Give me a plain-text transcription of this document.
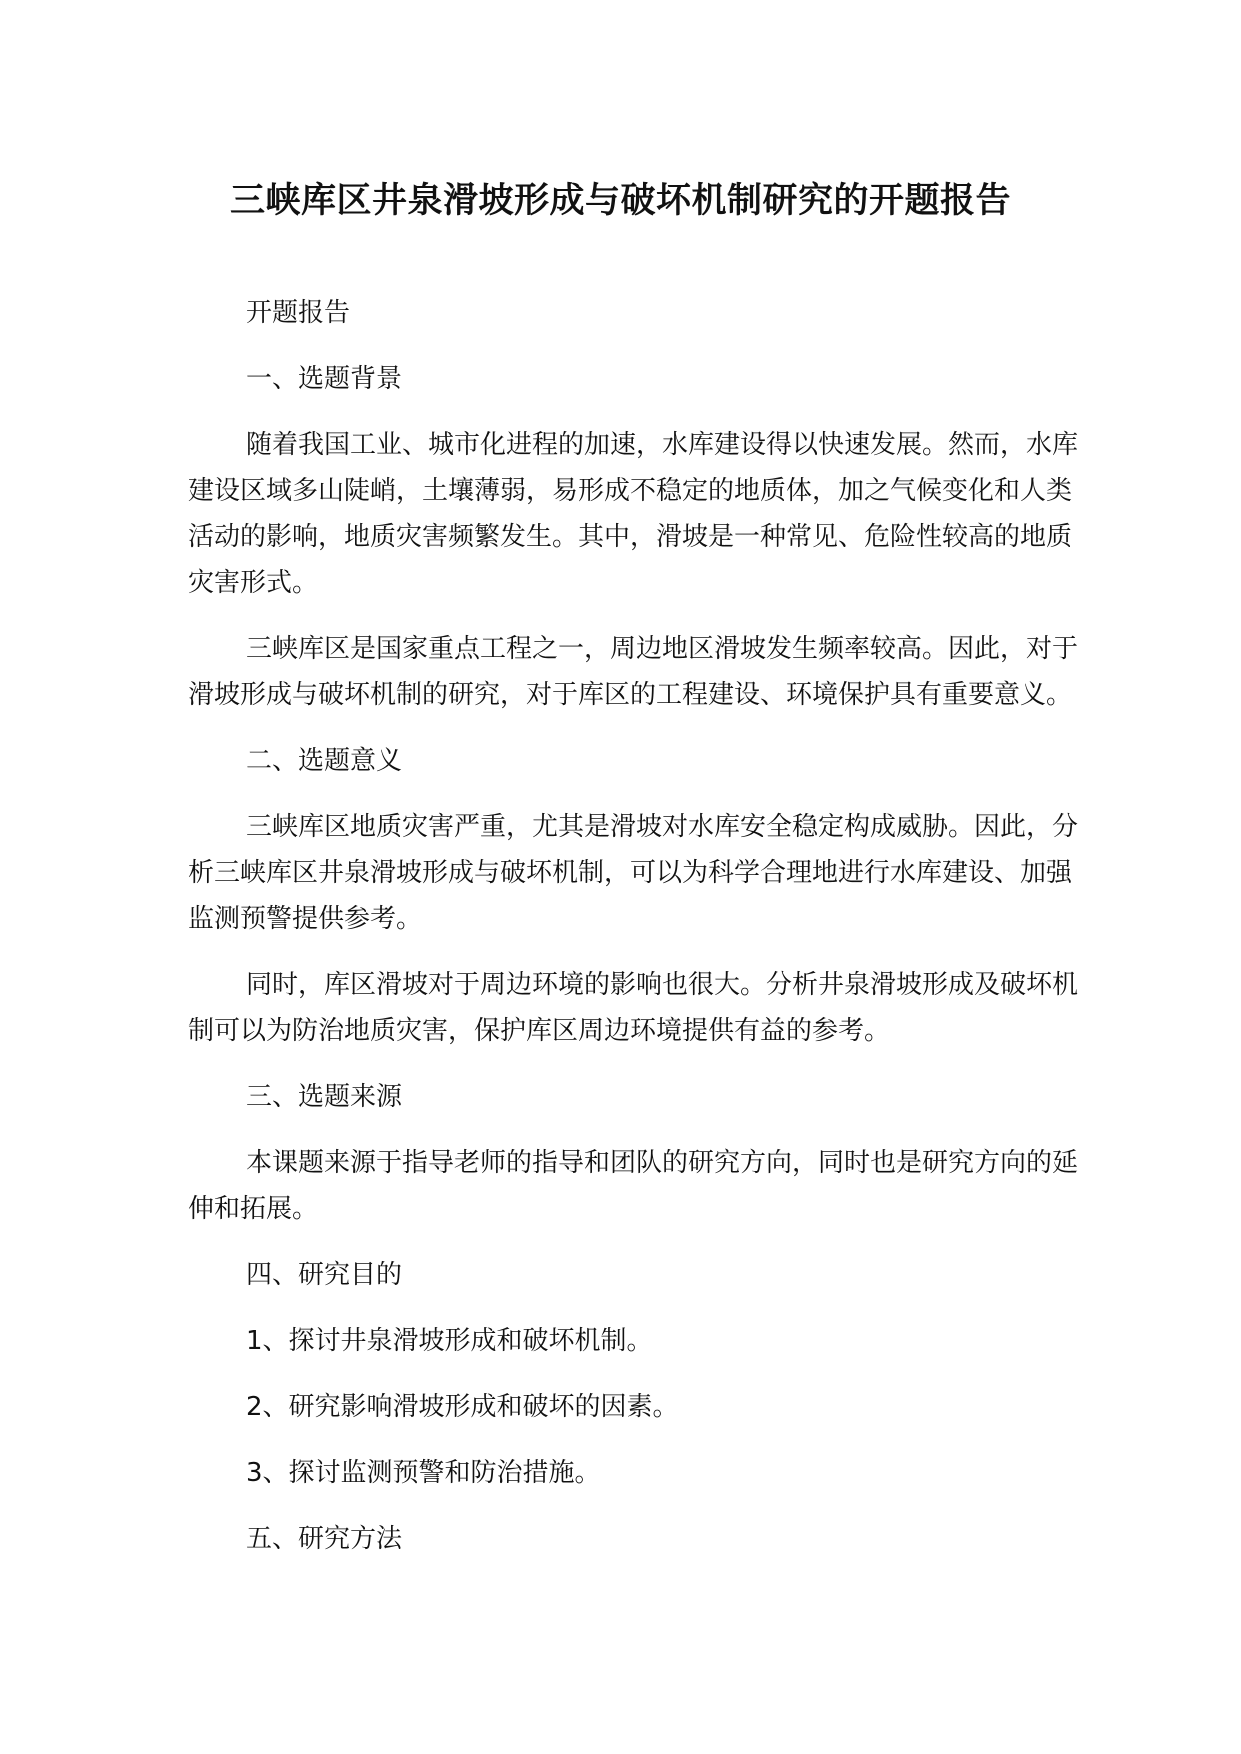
三峡库区井泉滑坡形成与破坏机制研究的开题报告

开题报告

一、选题背景

随着我国工业、城市化进程的加速，水库建设得以快速发展。然而，水库建设区域多山陡峭，土壤薄弱，易形成不稳定的地质体，加之气候变化和人类活动的影响，地质灾害频繁发生。其中，滑坡是一种常见、危险性较高的地质灾害形式。

三峡库区是国家重点工程之一，周边地区滑坡发生频率较高。因此，对于滑坡形成与破坏机制的研究，对于库区的工程建设、环境保护具有重要意义。

二、选题意义

三峡库区地质灾害严重，尤其是滑坡对水库安全稳定构成威胁。因此，分析三峡库区井泉滑坡形成与破坏机制，可以为科学合理地进行水库建设、加强监测预警提供参考。

同时，库区滑坡对于周边环境的影响也很大。分析井泉滑坡形成及破坏机制可以为防治地质灾害，保护库区周边环境提供有益的参考。

三、选题来源

本课题来源于指导老师的指导和团队的研究方向，同时也是研究方向的延伸和拓展。

四、研究目的

1、探讨井泉滑坡形成和破坏机制。

2、研究影响滑坡形成和破坏的因素。

3、探讨监测预警和防治措施。

五、研究方法
